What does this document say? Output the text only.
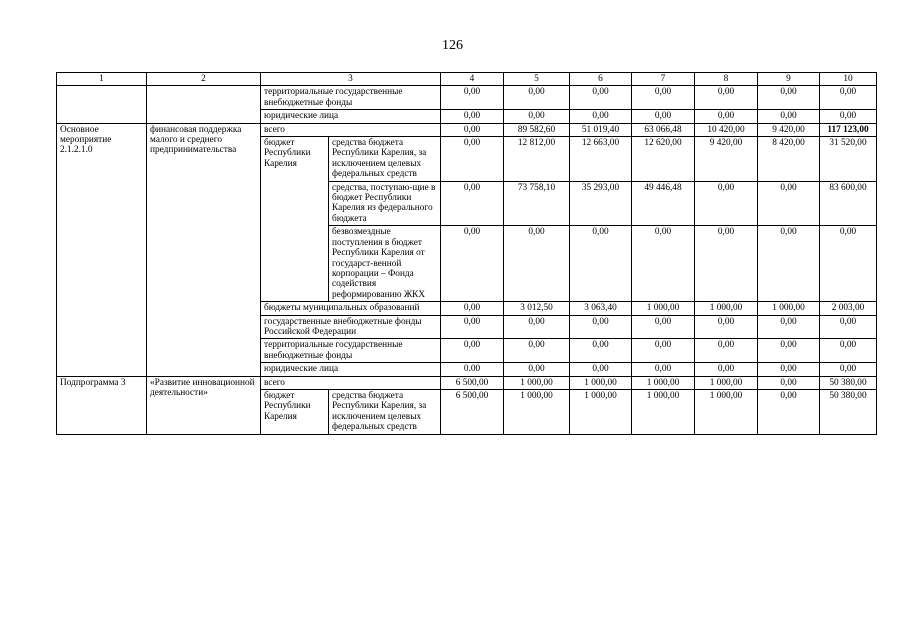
126
1	2	3		4	5	6	7	8	9	10
		территориальные государственные внебюджетные фонды		0,00	0,00	0,00	0,00	0,00	0,00	0,00
		юридические лица		0,00	0,00	0,00	0,00	0,00	0,00	0,00
Основное мероприятие 2.1.2.1.0	финансовая поддержка малого и среднего предпринимательства	всего		0,00	89 582,60	51 019,40	63 066,48	10 420,00	9 420,00	117 123,00
		бюджет Республики Карелия	средства бюджета Республики Карелия, за исключением целевых федеральных средств	0,00	12 812,00	12 663,00	12 620,00	9 420,00	8 420,00	31 520,00
			средства, поступаю-щие в бюджет Республики Карелия из федерального бюджета	0,00	73 758,10	35 293,00	49 446,48	0,00	0,00	83 600,00
			безвозмездные поступления в бюджет Республики Карелия от государст-венной корпорации – Фонда содействия реформированию ЖКХ	0,00	0,00	0,00	0,00	0,00	0,00	0,00
		бюджеты муниципальных образований		0,00	3 012,50	3 063,40	1 000,00	1 000,00	1 000,00	2 003,00
		государственные внебюджетные фонды Российской Федерации		0,00	0,00	0,00	0,00	0,00	0,00	0,00
		территориальные государственные внебюджетные фонды		0,00	0,00	0,00	0,00	0,00	0,00	0,00
		юридические лица		0.00	0,00	0,00	0,00	0,00	0,00	0,00
Подпрограмма 3	«Развитие инновационной деятельности»	всего		6 500,00	1 000,00	1 000,00	1 000,00	1 000,00	0,00	50 380,00
		бюджет Республики Карелия	средства бюджета Республики Карелия, за исключением целевых федеральных средств	6 500,00	1 000,00	1 000,00	1 000,00	1 000,00	0,00	50 380,00
